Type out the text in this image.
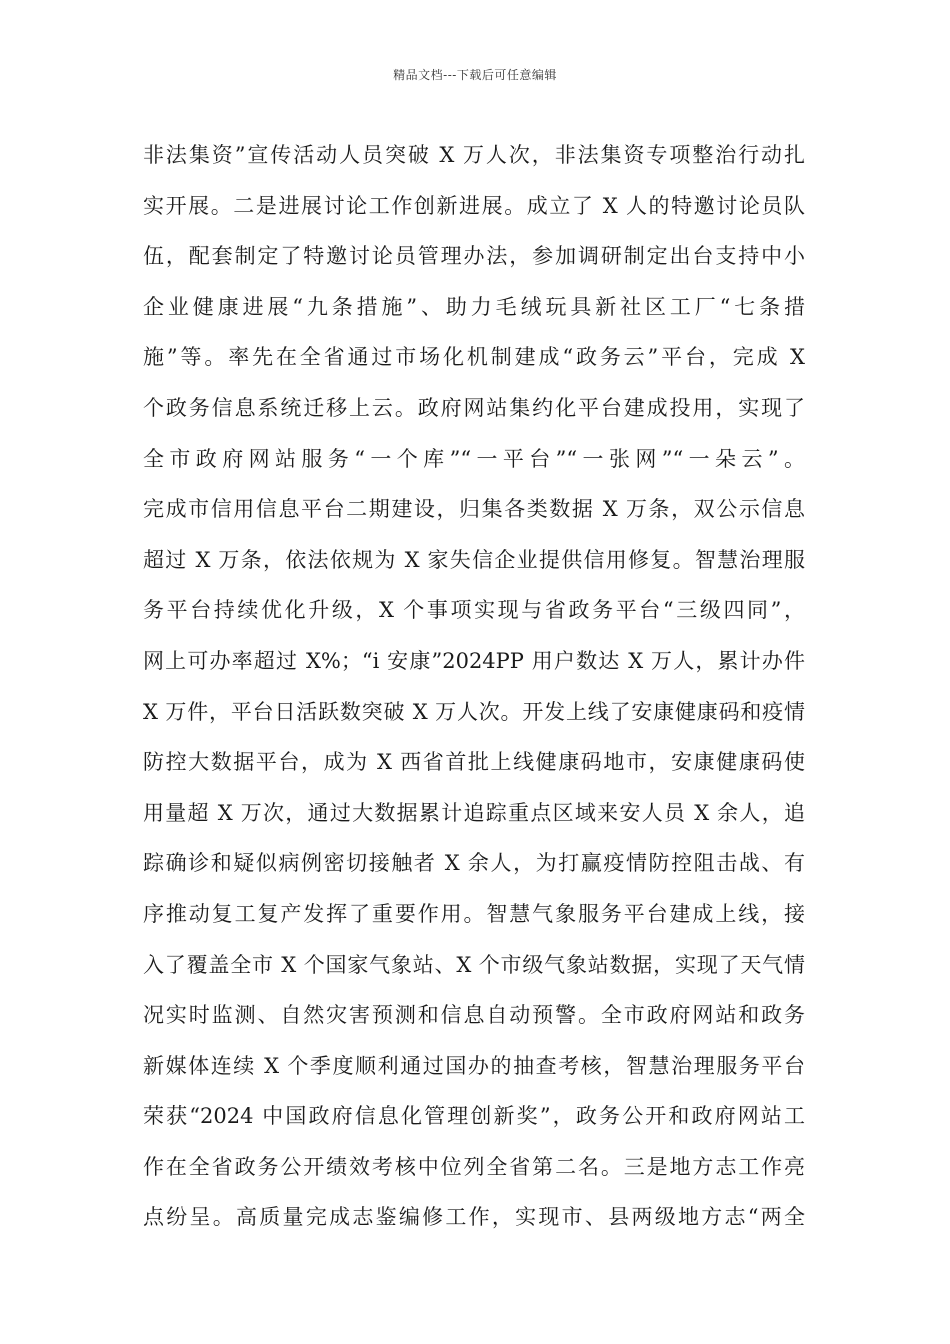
精品文档---下载后可任意编辑
非法集资”宣传活动人员突破 X 万人次，非法集资专项整治行动扎
实开展。二是进展讨论工作创新进展。成立了 X 人的特邀讨论员队
伍，配套制定了特邀讨论员管理办法，参加调研制定出台支持中小
企业健康进展“九条措施”、助力毛绒玩具新社区工厂“七条措
施”等。率先在全省通过市场化机制建成“政务云”平台，完成 X
个政务信息系统迁移上云。政府网站集约化平台建成投用，实现了
全市政府网站服务“一个库”“一平台”“一张网”“一朵云”。
完成市信用信息平台二期建设，归集各类数据 X 万条，双公示信息
超过 X 万条，依法依规为 X 家失信企业提供信用修复。智慧治理服
务平台持续优化升级，X 个事项实现与省政务平台“三级四同”，
网上可办率超过 X%；“i 安康”2024PP 用户数达 X 万人，累计办件
X 万件，平台日活跃数突破 X 万人次。开发上线了安康健康码和疫情
防控大数据平台，成为 X 西省首批上线健康码地市，安康健康码使
用量超 X 万次，通过大数据累计追踪重点区域来安人员 X 余人，追
踪确诊和疑似病例密切接触者 X 余人，为打赢疫情防控阻击战、有
序推动复工复产发挥了重要作用。智慧气象服务平台建成上线，接
入了覆盖全市 X 个国家气象站、X 个市级气象站数据，实现了天气情
况实时监测、自然灾害预测和信息自动预警。全市政府网站和政务
新媒体连续 X 个季度顺利通过国办的抽查考核，智慧治理服务平台
荣获“2024 中国政府信息化管理创新奖”，政务公开和政府网站工
作在全省政务公开绩效考核中位列全省第二名。三是地方志工作亮
点纷呈。高质量完成志鉴编修工作，实现市、县两级地方志“两全
